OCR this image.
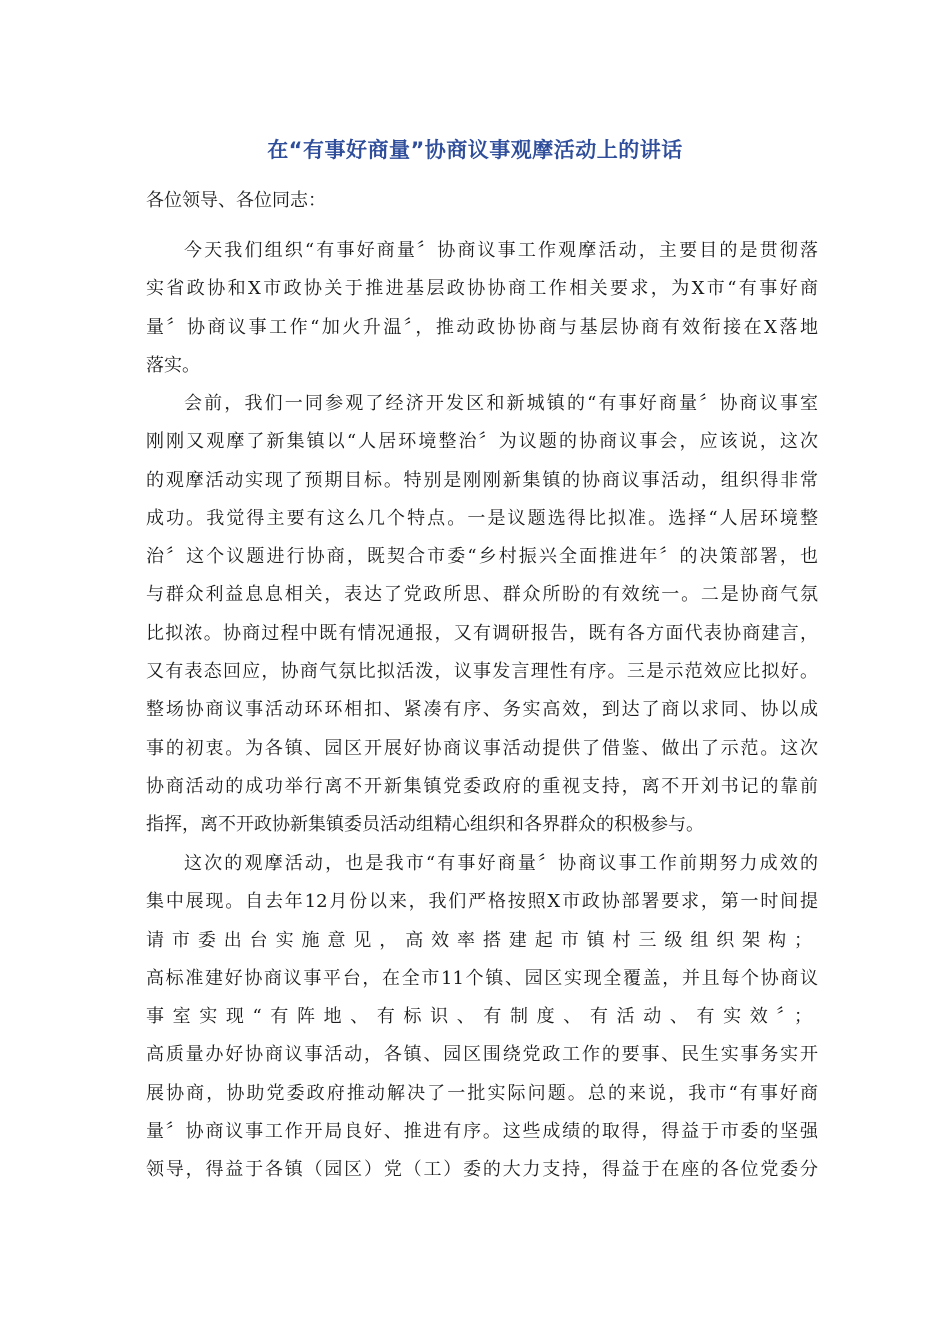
在“有事好商量”协商议事观摩活动上的讲话
各位领导、各位同志：
今天我们组织“有事好商量〞协商议事工作观摩活动，主要目的是贯彻落
实省政协和X市政协关于推进基层政协协商工作相关要求，为X市“有事好商
量〞协商议事工作“加火升温〞，推动政协协商与基层协商有效衔接在X落地
落实。
会前，我们一同参观了经济开发区和新城镇的“有事好商量〞协商议事室
刚刚又观摩了新集镇以“人居环境整治〞为议题的协商议事会，应该说，这次
的观摩活动实现了预期目标。特别是刚刚新集镇的协商议事活动，组织得非常
成功。我觉得主要有这么几个特点。一是议题选得比拟准。选择“人居环境整
治〞这个议题进行协商，既契合市委“乡村振兴全面推进年〞的决策部署，也
与群众利益息息相关，表达了党政所思、群众所盼的有效统一。二是协商气氛
比拟浓。协商过程中既有情况通报，又有调研报告，既有各方面代表协商建言，
又有表态回应，协商气氛比拟活泼，议事发言理性有序。三是示范效应比拟好。
整场协商议事活动环环相扣、紧凑有序、务实高效，到达了商以求同、协以成
事的初衷。为各镇、园区开展好协商议事活动提供了借鉴、做出了示范。这次
协商活动的成功举行离不开新集镇党委政府的重视支持，离不开刘书记的靠前
指挥，离不开政协新集镇委员活动组精心组织和各界群众的积极参与。
这次的观摩活动，也是我市“有事好商量〞协商议事工作前期努力成效的
集中展现。自去年12月份以来，我们严格按照X市政协部署要求，第一时间提
请市委出台实施意见，高效率搭建起市镇村三级组织架构；
高标准建好协商议事平台，在全市11个镇、园区实现全覆盖，并且每个协商议
事室实现“有阵地、有标识、有制度、有活动、有实效〞；
高质量办好协商议事活动，各镇、园区围绕党政工作的要事、民生实事务实开
展协商，协助党委政府推动解决了一批实际问题。总的来说，我市“有事好商
量〞协商议事工作开局良好、推进有序。这些成绩的取得，得益于市委的坚强
领导，得益于各镇（园区）党（工）委的大力支持，得益于在座的各位党委分
